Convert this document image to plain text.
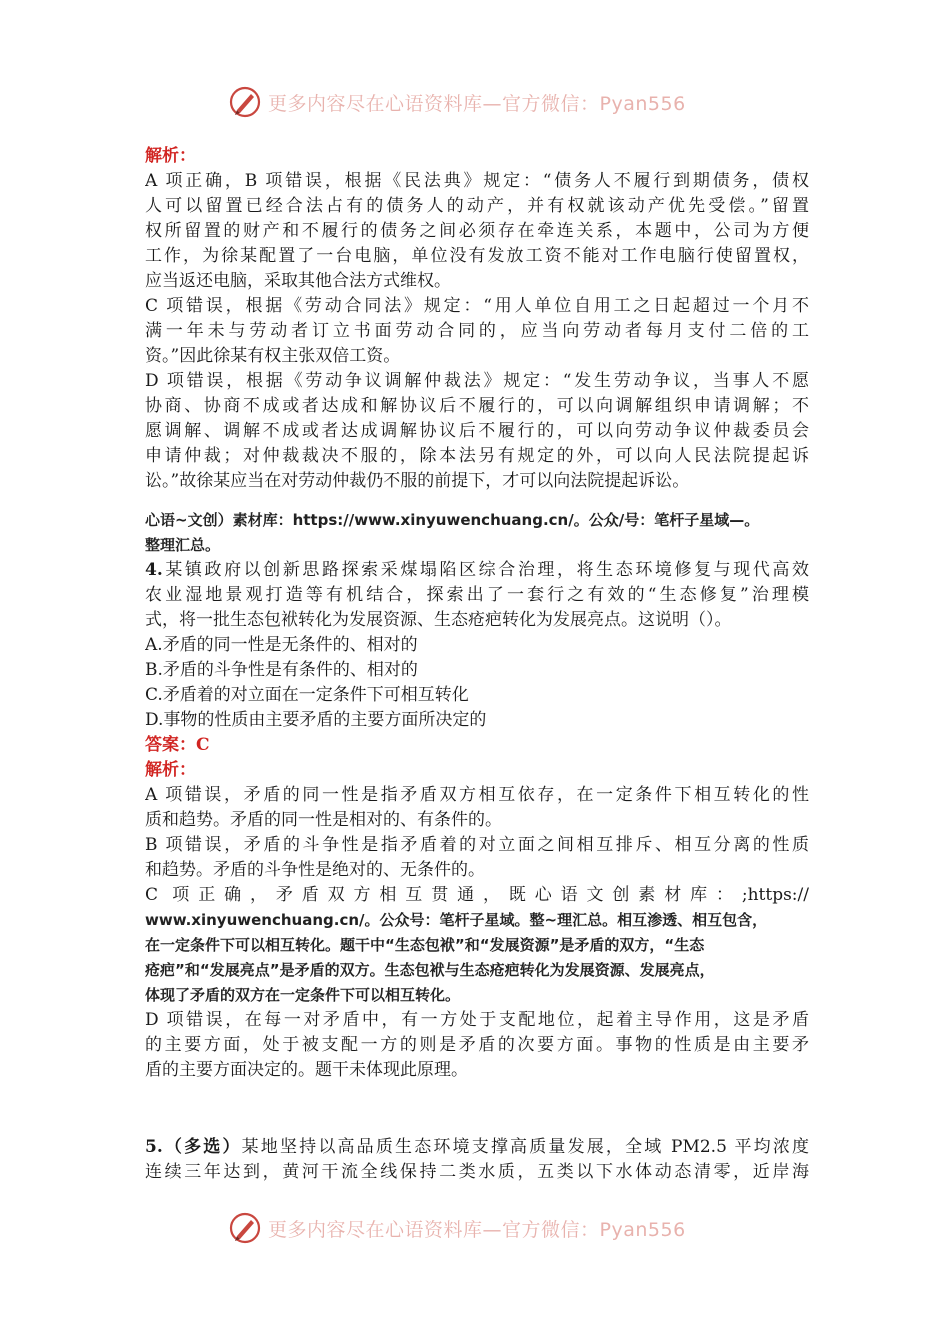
更多内容尽在心语资料库—官方微信：Pyan556
解析：
A 项正确，B 项错误，根据《民法典》规定：“债务人不履行到期债务，债权
人可以留置已经合法占有的债务人的动产，并有权就该动产优先受偿。”留置
权所留置的财产和不履行的债务之间必须存在牵连关系，本题中，公司为方便
工作，为徐某配置了一台电脑，单位没有发放工资不能对工作电脑行使留置权，
应当返还电脑，采取其他合法方式维权。
C 项错误，根据《劳动合同法》规定：“用人单位自用工之日起超过一个月不
满一年未与劳动者订立书面劳动合同的，应当向劳动者每月支付二倍的工
资。”因此徐某有权主张双倍工资。
D 项错误，根据《劳动争议调解仲裁法》规定：“发生劳动争议，当事人不愿
协商、协商不成或者达成和解协议后不履行的，可以向调解组织申请调解；不
愿调解、调解不成或者达成调解协议后不履行的，可以向劳动争议仲裁委员会
申请仲裁；对仲裁裁决不服的，除本法另有规定的外，可以向人民法院提起诉
讼。”故徐某应当在对劳动仲裁仍不服的前提下，才可以向法院提起诉讼。
心语~文创）素材库：https://www.xinyuwenchuang.cn/。公众/号：笔杆子星域—。
整理汇总。
4.某镇政府以创新思路探索采煤塌陷区综合治理，将生态环境修复与现代高效
农业湿地景观打造等有机结合，探索出了一套行之有效的“生态修复”治理模
式，将一批生态包袱转化为发展资源、生态疮疤转化为发展亮点。这说明（）。
A.矛盾的同一性是无条件的、相对的
B.矛盾的斗争性是有条件的、相对的
C.矛盾着的对立面在一定条件下可相互转化
D.事物的性质由主要矛盾的主要方面所决定的
答案：C
解析：
A 项错误，矛盾的同一性是指矛盾双方相互依存，在一定条件下相互转化的性
质和趋势。矛盾的同一性是相对的、有条件的。
B 项错误，矛盾的斗争性是指矛盾着的对立面之间相互排斥、相互分离的性质
和趋势。矛盾的斗争性是绝对的、无条件的。
C 项正确，矛盾双方相互贯通，既心语文创素材库：;https://
www.xinyuwenchuang.cn/。公众号：笔杆子星域。整~理汇总。相互渗透、相互包含，
在一定条件下可以相互转化。题干中“生态包袱”和“发展资源”是矛盾的双方，“生态
疮疤”和“发展亮点”是矛盾的双方。生态包袱与生态疮疤转化为发展资源、发展亮点，
体现了矛盾的双方在一定条件下可以相互转化。
D 项错误，在每一对矛盾中，有一方处于支配地位，起着主导作用，这是矛盾
的主要方面，处于被支配一方的则是矛盾的次要方面。事物的性质是由主要矛
盾的主要方面决定的。题干未体现此原理。
5.（多选）某地坚持以高品质生态环境支撑高质量发展，全域 PM2.5 平均浓度
连续三年达到，黄河干流全线保持二类水质，五类以下水体动态清零，近岸海
更多内容尽在心语资料库—官方微信：Pyan556
